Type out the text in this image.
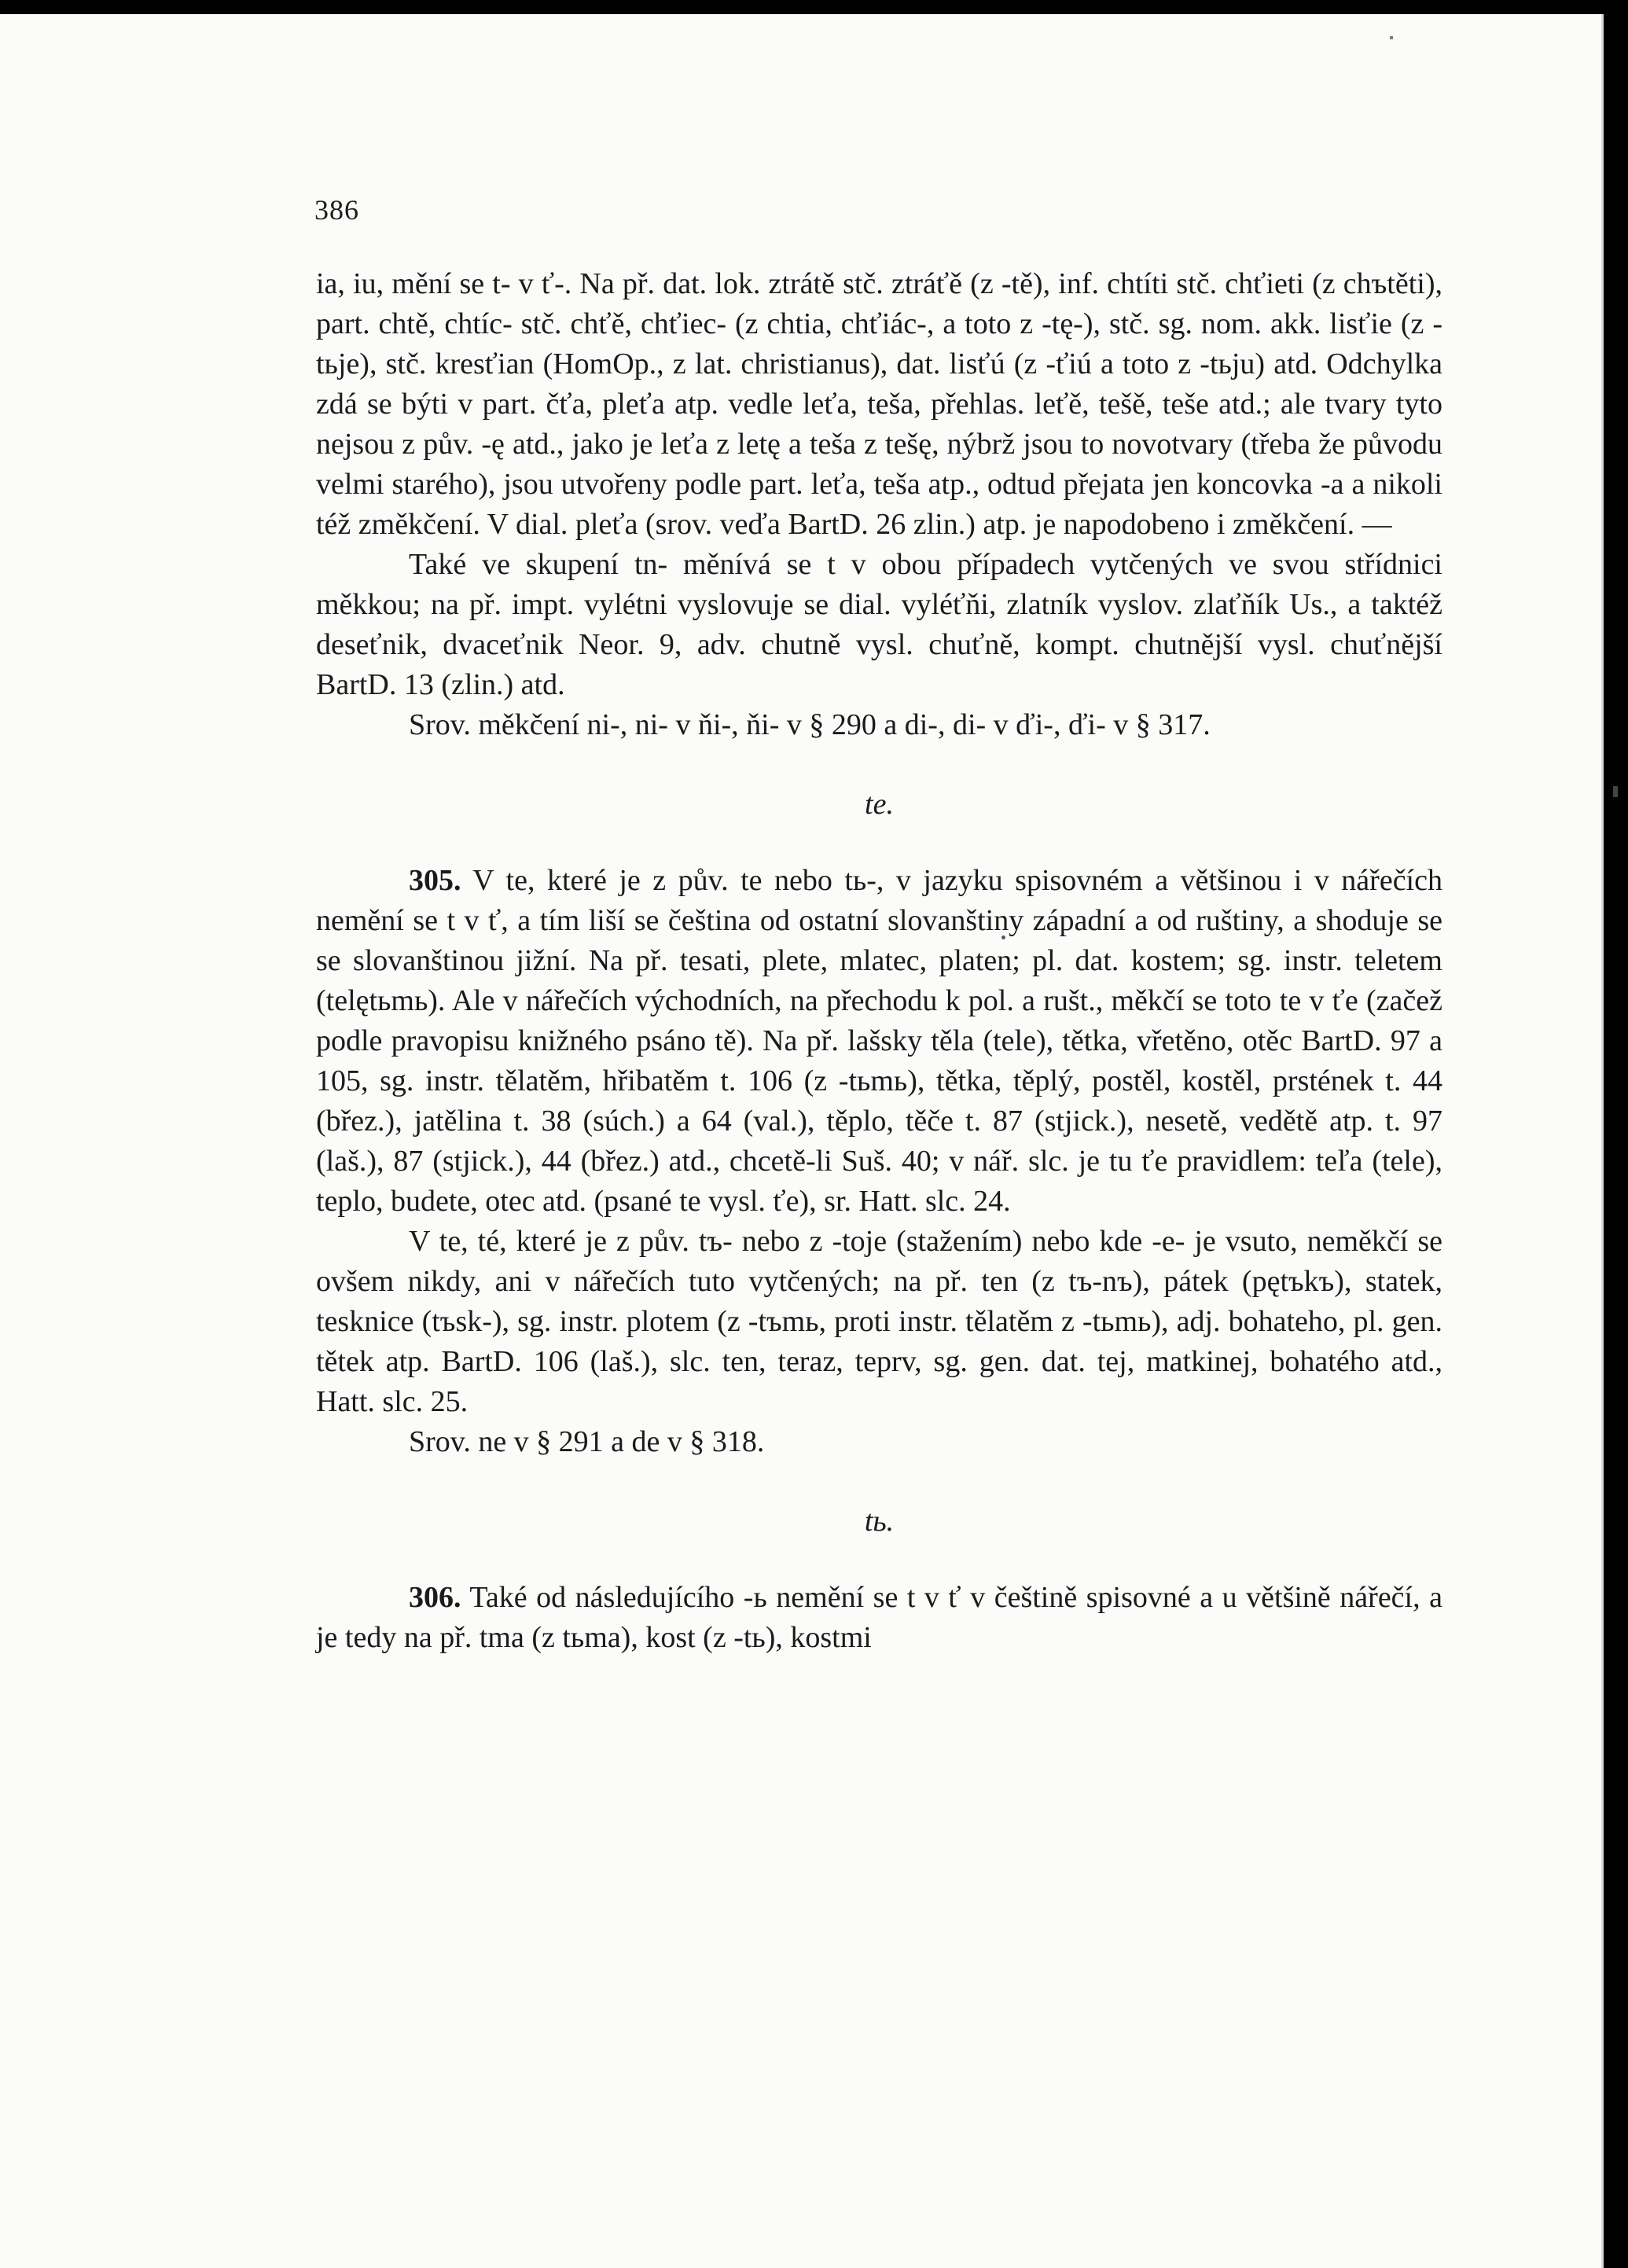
386

ia, iu, mění se t- v ť-. Na př. dat. lok. ztrátě stč. ztráťě (z -tě), inf. chtíti stč. chťieti (z chъtěti), part. chtě, chtíc- stč. chťě, chťiec- (z chtia, chťiác-, a toto z -tę-), stč. sg. nom. akk. lisťie (z -tьje), stč. kresťian (HomOp., z lat. christianus), dat. lisťú (z -ťiú a toto z -tьju) atd. Odchylka zdá se býti v part. čťa, pleťa atp. vedle leťa, teša, přehlas. leťě, tešě, teše atd.; ale tvary tyto nejsou z pův. -ę atd., jako je leťa z letę a teša z tešę, nýbrž jsou to novotvary (třeba že původu velmi starého), jsou utvořeny podle part. leťa, teša atp., odtud přejata jen koncovka -a a nikoli též změkčení. V dial. pleťa (srov. veďa BartD. 26 zlin.) atp. je napodobeno i změkčení. —

Také ve skupení tn- měnívá se t v obou případech vytčených ve svou střídnici měkkou; na př. impt. vylétni vyslovuje se dial. vyléťňi, zlatník vyslov. zlaťňík Us., a taktéž deseťnik, dvaceťnik Neor. 9, adv. chutně vysl. chuťně, kompt. chutnější vysl. chuťnější BartD. 13 (zlin.) atd.

Srov. měkčení ni-, ni- v ňi-, ňi- v § 290 a di-, di- v ďi-, ďi- v § 317.

te.

305. V te, které je z pův. te nebo tь-, v jazyku spisovném a většinou i v nářečích nemění se t v ť, a tím liší se čeština od ostatní slovanštiny západní a od ruštiny, a shoduje se se slovanštinou jižní. Na př. tesati, plete, mlatec, platen; pl. dat. kostem; sg. instr. teletem (telętьmь). Ale v nářečích východních, na přechodu k pol. a rušt., měkčí se toto te v ťe (začež podle pravopisu knižného psáno tě). Na př. lašsky těla (tele), tětka, vřetěno, otěc BartD. 97 a 105, sg. instr. tělatěm, hřibatěm t. 106 (z -tьmь), tětka, těplý, postěl, kostěl, prstének t. 44 (břez.), jatělina t. 38 (súch.) a 64 (val.), těplo, těče t. 87 (stjick.), nesetě, vedětě atp. t. 97 (laš.), 87 (stjick.), 44 (břez.) atd., chcetě-li Suš. 40; v nář. slc. je tu ťe pravidlem: teľa (tele), teplo, budete, otec atd. (psané te vysl. ťe), sr. Hatt. slc. 24.

V te, té, které je z pův. tъ- nebo z -toje (stažením) nebo kde -e- je vsuto, neměkčí se ovšem nikdy, ani v nářečích tuto vytčených; na př. ten (z tъ-nъ), pátek (pętъkъ), statek, tesknice (tъsk-), sg. instr. plotem (z -tъmь, proti instr. tělatěm z -tьmь), adj. bohateho, pl. gen. tětek atp. BartD. 106 (laš.), slc. ten, teraz, teprv, sg. gen. dat. tej, matkinej, bohatého atd., Hatt. slc. 25.

Srov. ne v § 291 a de v § 318.

tь.

306. Také od následujícího -ь nemění se t v ť v češtině spisovné a u většině nářečí, a je tedy na př. tma (z tьma), kost (z -tь), kostmi
